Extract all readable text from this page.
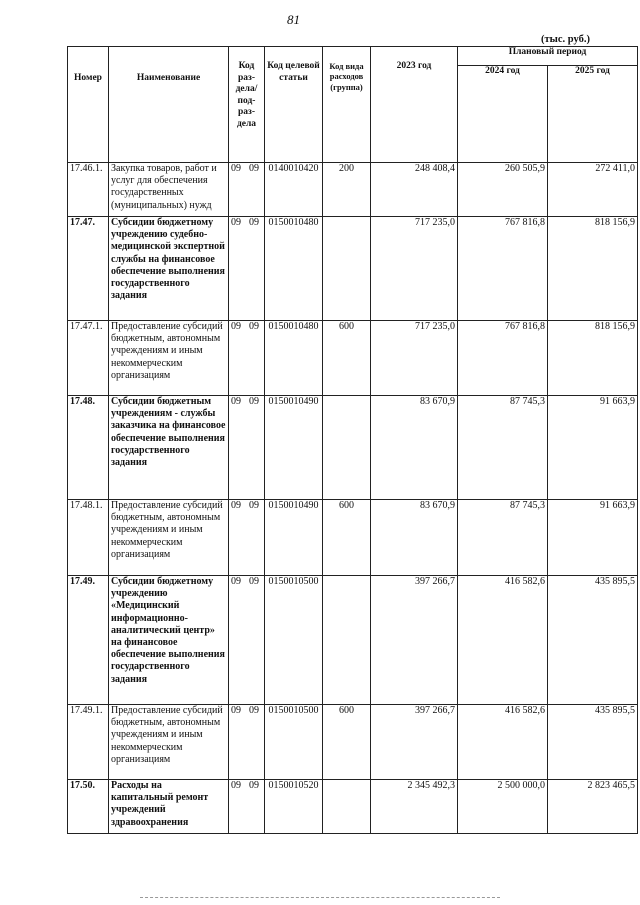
81
(тыс. руб.)
Номер	Наименование	Код раз-дела/ под-раз-дела	Код целевой статьи	Код вида расходов (группа)	2023 год	Плановый период	
						2024 год	2025 год
17.46.1.	Закупка товаров, работ и услуг для обеспечения государственных (муниципальных) нужд	09 09	0140010420	200	248 408,4	260 505,9	272 411,0
17.47.	Субсидии бюджетному учреждению судебно-медицинской экспертной службы на финансовое обеспечение выполнения государственного задания	09 09	0150010480		717 235,0	767 816,8	818 156,9
17.47.1.	Предоставление субсидий бюджетным, автономным учреждениям и иным некоммерческим организациям	09 09	0150010480	600	717 235,0	767 816,8	818 156,9
17.48.	Субсидии бюджетным учреждениям - службы заказчика на финансовое обеспечение выполнения государственного задания	09 09	0150010490		83 670,9	87 745,3	91 663,9
17.48.1.	Предоставление субсидий бюджетным, автономным учреждениям и иным некоммерческим организациям	09 09	0150010490	600	83 670,9	87 745,3	91 663,9
17.49.	Субсидии бюджетному учреждению «Медицинский информационно-аналитический центр» на финансовое обеспечение выполнения государственного задания	09 09	0150010500		397 266,7	416 582,6	435 895,5
17.49.1.	Предоставление субсидий бюджетным, автономным учреждениям и иным некоммерческим организациям	09 09	0150010500	600	397 266,7	416 582,6	435 895,5
17.50.	Расходы на капитальный ремонт учреждений здравоохранения	09 09	0150010520		2 345 492,3	2 500 000,0	2 823 465,5
